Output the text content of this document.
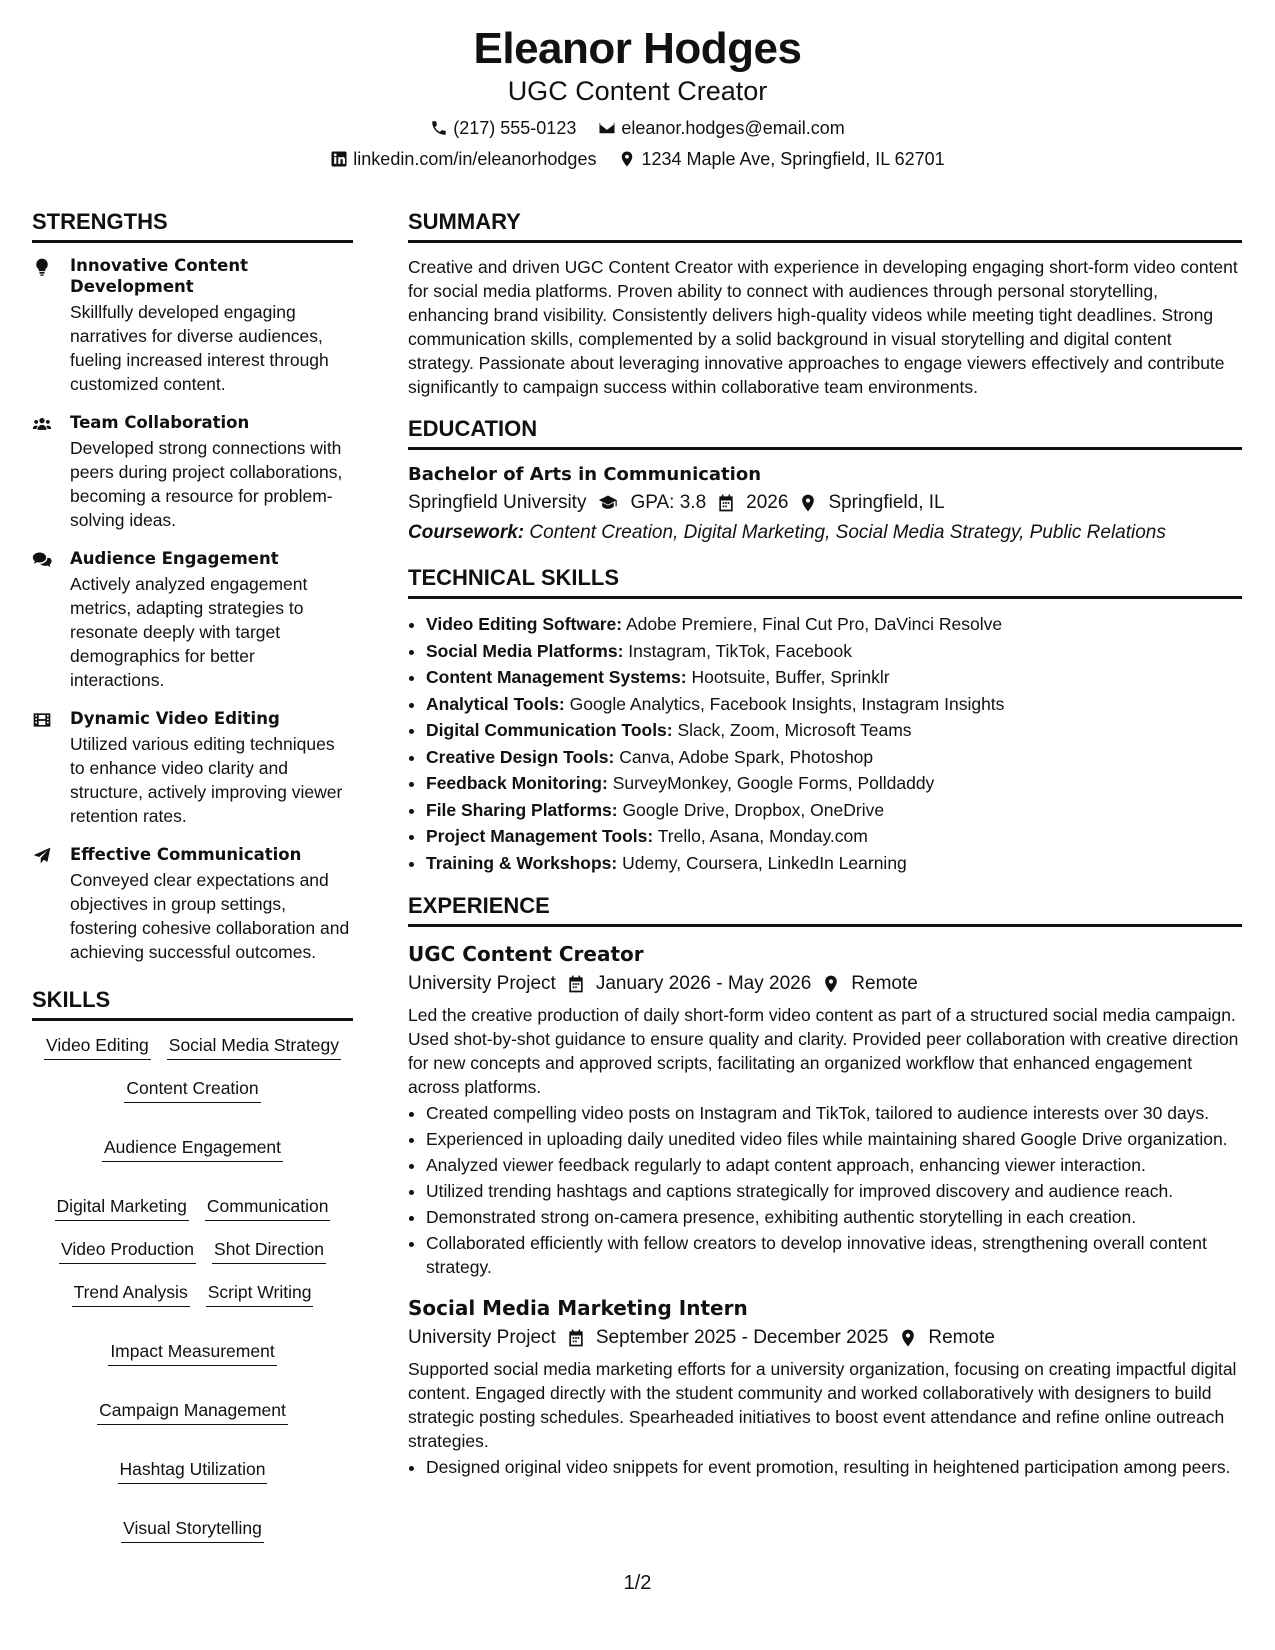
Eleanor Hodges
UGC Content Creator
(217) 555-0123	eleanor.hodges@email.com
linkedin.com/in/eleanorhodges	1234 Maple Ave, Springfield, IL 62701
STRENGTHS
Innovative Content Development
Skillfully developed engaging narratives for diverse audiences, fueling increased interest through customized content.
Team Collaboration
Developed strong connections with peers during project collaborations, becoming a resource for problem-solving ideas.
Audience Engagement
Actively analyzed engagement metrics, adapting strategies to resonate deeply with target demographics for better interactions.
Dynamic Video Editing
Utilized various editing techniques to enhance video clarity and structure, actively improving viewer retention rates.
Effective Communication
Conveyed clear expectations and objectives in group settings, fostering cohesive collaboration and achieving successful outcomes.
SKILLS
Video Editing Social Media Strategy
Content Creation
Audience Engagement
Digital Marketing Communication
Video Production Shot Direction
Trend Analysis Script Writing
Impact Measurement
Campaign Management
Hashtag Utilization
Visual Storytelling
SUMMARY
Creative and driven UGC Content Creator with experience in developing engaging short-form video content for social media platforms. Proven ability to connect with audiences through personal storytelling, enhancing brand visibility. Consistently delivers high-quality videos while meeting tight deadlines. Strong communication skills, complemented by a solid background in visual storytelling and digital content strategy. Passionate about leveraging innovative approaches to engage viewers effectively and contribute significantly to campaign success within collaborative team environments.
EDUCATION
Bachelor of Arts in Communication
Springfield University GPA: 3.8 2026 Springfield, IL
Coursework: Content Creation, Digital Marketing, Social Media Strategy, Public Relations
TECHNICAL SKILLS
• Video Editing Software: Adobe Premiere, Final Cut Pro, DaVinci Resolve
• Social Media Platforms: Instagram, TikTok, Facebook
• Content Management Systems: Hootsuite, Buffer, Sprinklr
• Analytical Tools: Google Analytics, Facebook Insights, Instagram Insights
• Digital Communication Tools: Slack, Zoom, Microsoft Teams
• Creative Design Tools: Canva, Adobe Spark, Photoshop
• Feedback Monitoring: SurveyMonkey, Google Forms, Polldaddy
• File Sharing Platforms: Google Drive, Dropbox, OneDrive
• Project Management Tools: Trello, Asana, Monday.com
• Training & Workshops: Udemy, Coursera, LinkedIn Learning
EXPERIENCE
UGC Content Creator
University Project January 2026 - May 2026 Remote
Led the creative production of daily short-form video content as part of a structured social media campaign. Used shot-by-shot guidance to ensure quality and clarity. Provided peer collaboration with creative direction for new concepts and approved scripts, facilitating an organized workflow that enhanced engagement across platforms.
• Created compelling video posts on Instagram and TikTok, tailored to audience interests over 30 days.
• Experienced in uploading daily unedited video files while maintaining shared Google Drive organization.
• Analyzed viewer feedback regularly to adapt content approach, enhancing viewer interaction.
• Utilized trending hashtags and captions strategically for improved discovery and audience reach.
• Demonstrated strong on-camera presence, exhibiting authentic storytelling in each creation.
• Collaborated efficiently with fellow creators to develop innovative ideas, strengthening overall content strategy.
Social Media Marketing Intern
University Project September 2025 - December 2025 Remote
Supported social media marketing efforts for a university organization, focusing on creating impactful digital content. Engaged directly with the student community and worked collaboratively with designers to build strategic posting schedules. Spearheaded initiatives to boost event attendance and refine online outreach strategies.
• Designed original video snippets for event promotion, resulting in heightened participation among peers.
1/2
